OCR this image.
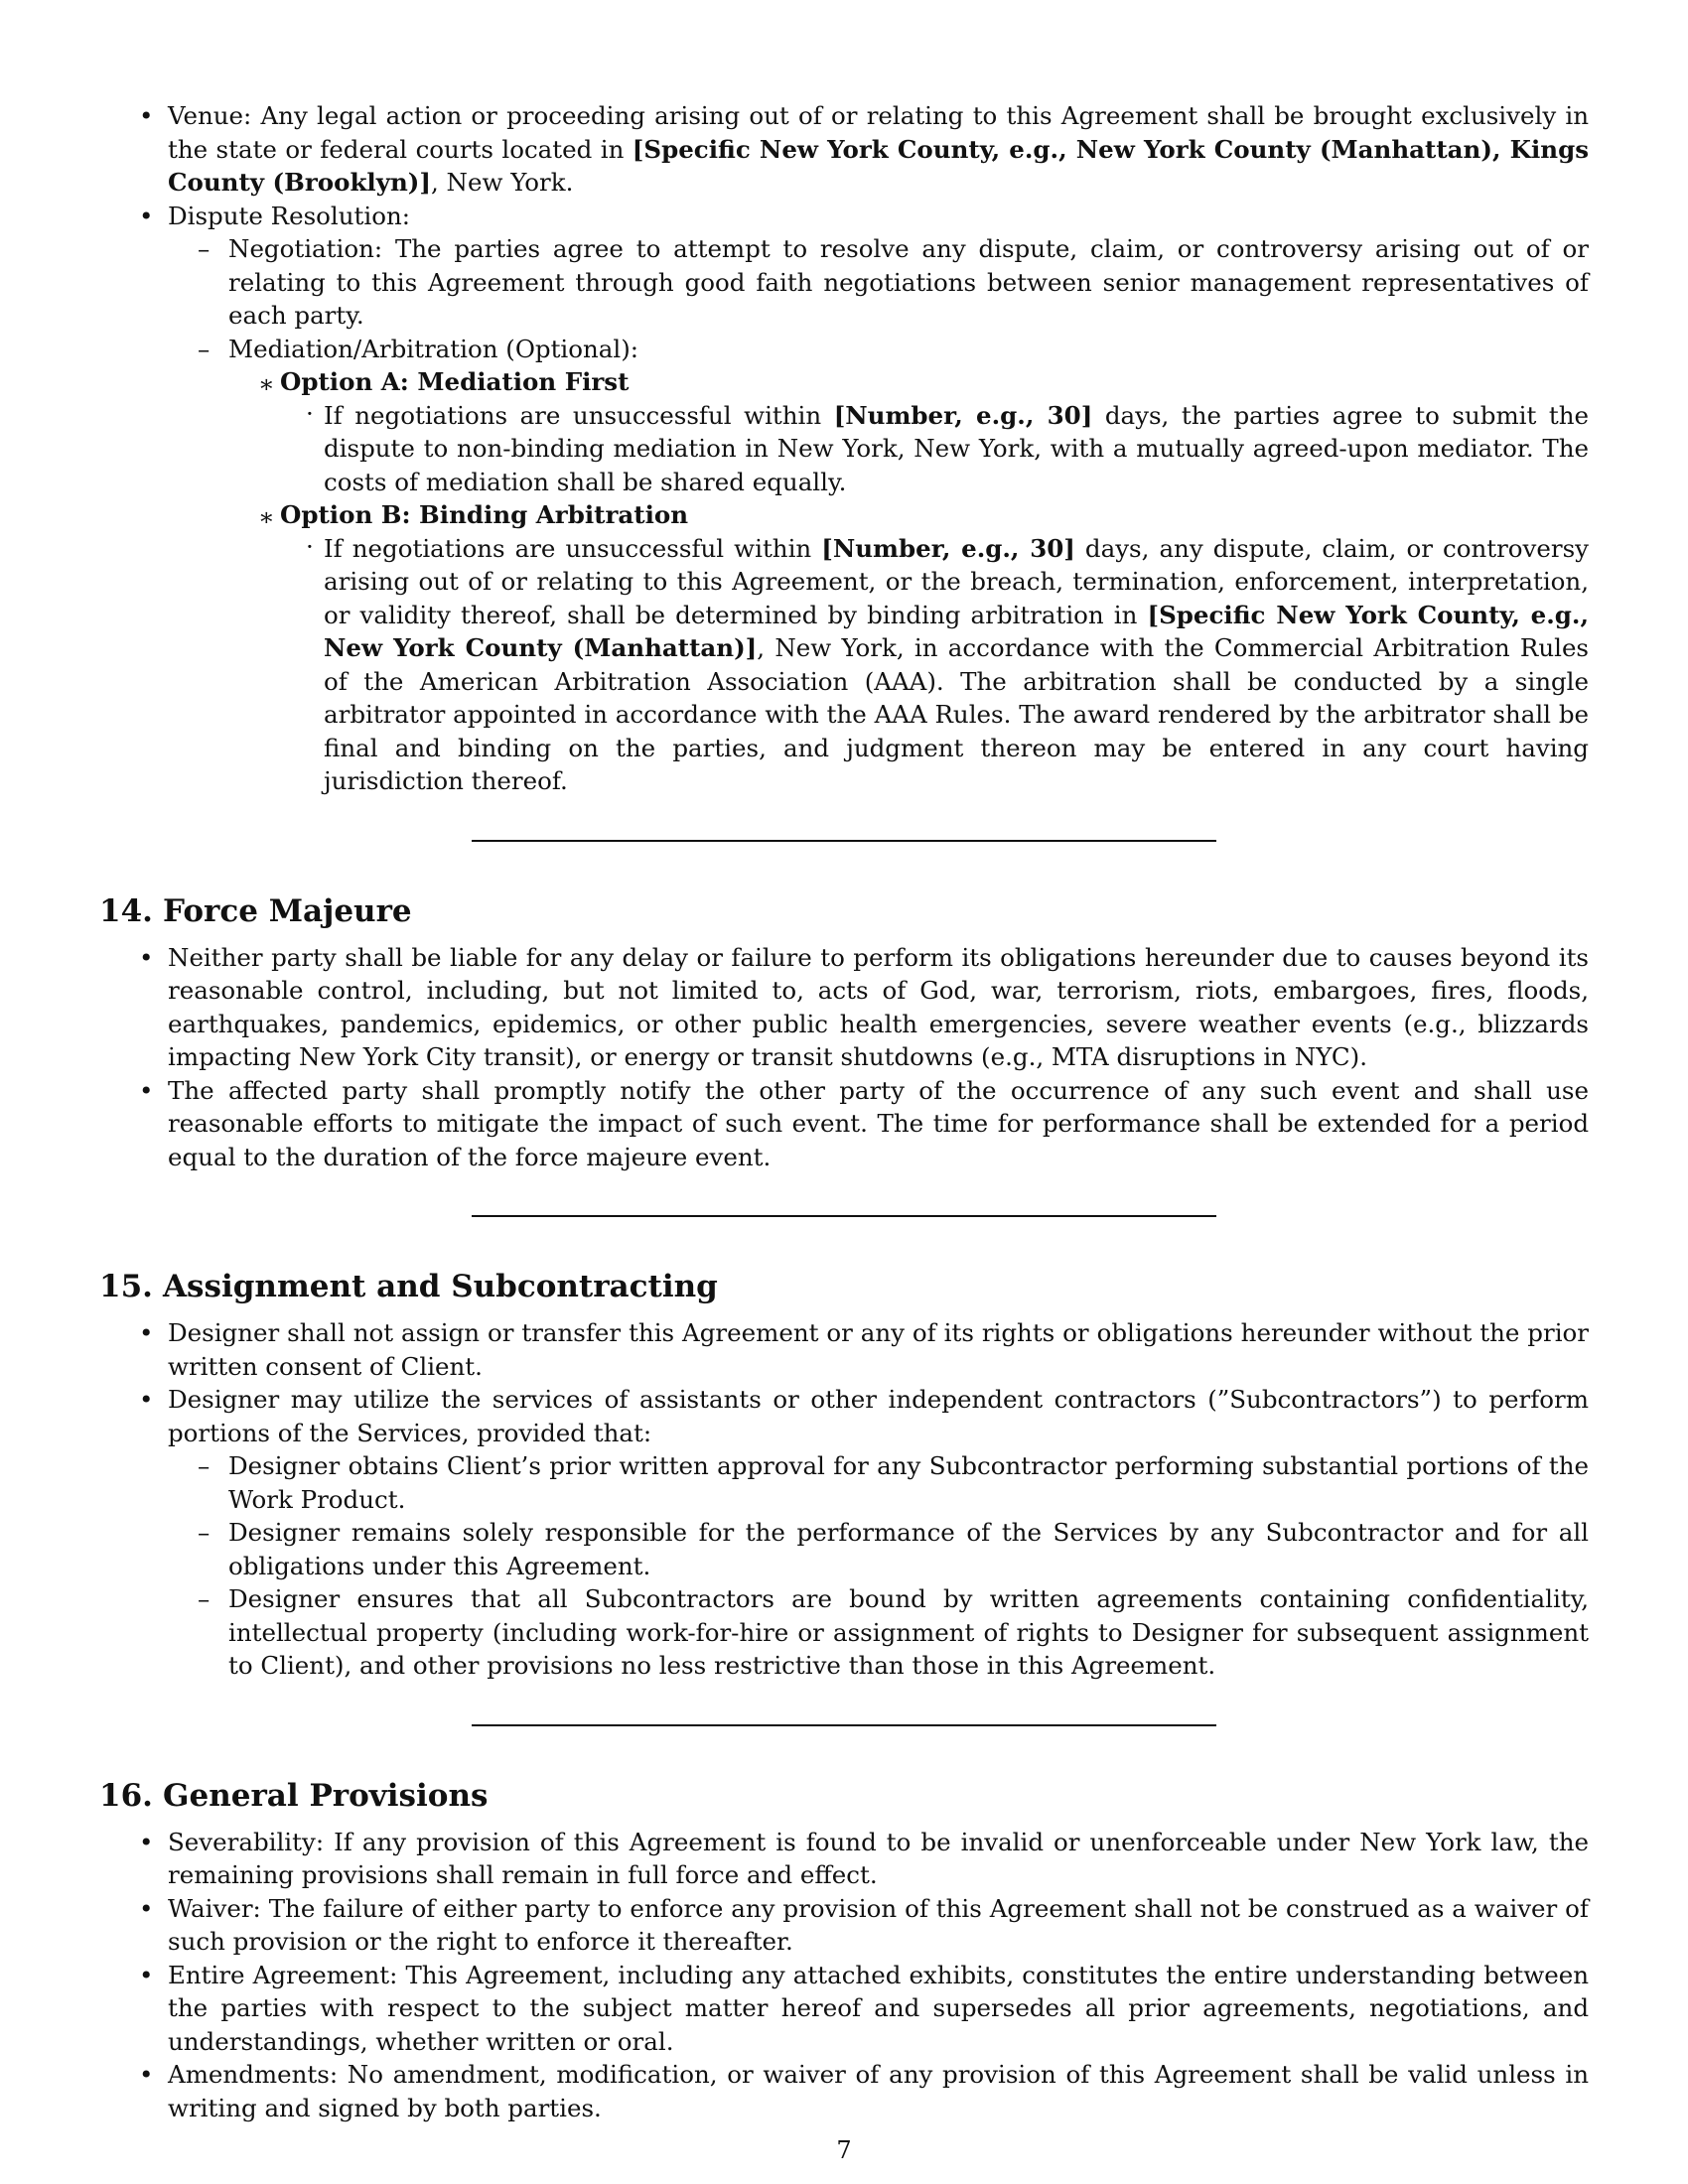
• Venue: Any legal action or proceeding arising out of or relating to this Agreement shall be brought exclusively in the state or federal courts located in [Specific New York County, e.g., New York County (Manhattan), Kings County (Brooklyn)], New York.
• Dispute Resolution:
– Negotiation: The parties agree to attempt to resolve any dispute, claim, or controversy arising out of or relating to this Agreement through good faith negotiations between senior management representatives of each party.
– Mediation/Arbitration (Optional):
∗ Option A: Mediation First
· If negotiations are unsuccessful within [Number, e.g., 30] days, the parties agree to submit the dispute to non-binding mediation in New York, New York, with a mutually agreed-upon mediator. The costs of mediation shall be shared equally.
∗ Option B: Binding Arbitration
· If negotiations are unsuccessful within [Number, e.g., 30] days, any dispute, claim, or controversy arising out of or relating to this Agreement, or the breach, termination, enforcement, interpretation, or validity thereof, shall be determined by binding arbitration in [Specific New York County, e.g., New York County (Manhattan)], New York, in accordance with the Commercial Arbitration Rules of the American Arbitration Association (AAA). The arbitration shall be conducted by a single arbitrator appointed in accordance with the AAA Rules. The award rendered by the arbitrator shall be final and binding on the parties, and judgment thereon may be entered in any court having jurisdiction thereof.
14. Force Majeure
• Neither party shall be liable for any delay or failure to perform its obligations hereunder due to causes beyond its reasonable control, including, but not limited to, acts of God, war, terrorism, riots, embargoes, fires, floods, earthquakes, pandemics, epidemics, or other public health emergencies, severe weather events (e.g., blizzards impacting New York City transit), or energy or transit shutdowns (e.g., MTA disruptions in NYC).
• The affected party shall promptly notify the other party of the occurrence of any such event and shall use reasonable efforts to mitigate the impact of such event. The time for performance shall be extended for a period equal to the duration of the force majeure event.
15. Assignment and Subcontracting
• Designer shall not assign or transfer this Agreement or any of its rights or obligations hereunder without the prior written consent of Client.
• Designer may utilize the services of assistants or other independent contractors (”Subcontractors”) to perform portions of the Services, provided that:
– Designer obtains Client’s prior written approval for any Subcontractor performing substantial portions of the Work Product.
– Designer remains solely responsible for the performance of the Services by any Subcontractor and for all obligations under this Agreement.
– Designer ensures that all Subcontractors are bound by written agreements containing confidentiality, intellectual property (including work-for-hire or assignment of rights to Designer for subsequent assignment to Client), and other provisions no less restrictive than those in this Agreement.
16. General Provisions
• Severability: If any provision of this Agreement is found to be invalid or unenforceable under New York law, the remaining provisions shall remain in full force and effect.
• Waiver: The failure of either party to enforce any provision of this Agreement shall not be construed as a waiver of such provision or the right to enforce it thereafter.
• Entire Agreement: This Agreement, including any attached exhibits, constitutes the entire understanding between the parties with respect to the subject matter hereof and supersedes all prior agreements, negotiations, and understandings, whether written or oral.
• Amendments: No amendment, modification, or waiver of any provision of this Agreement shall be valid unless in writing and signed by both parties.
7
